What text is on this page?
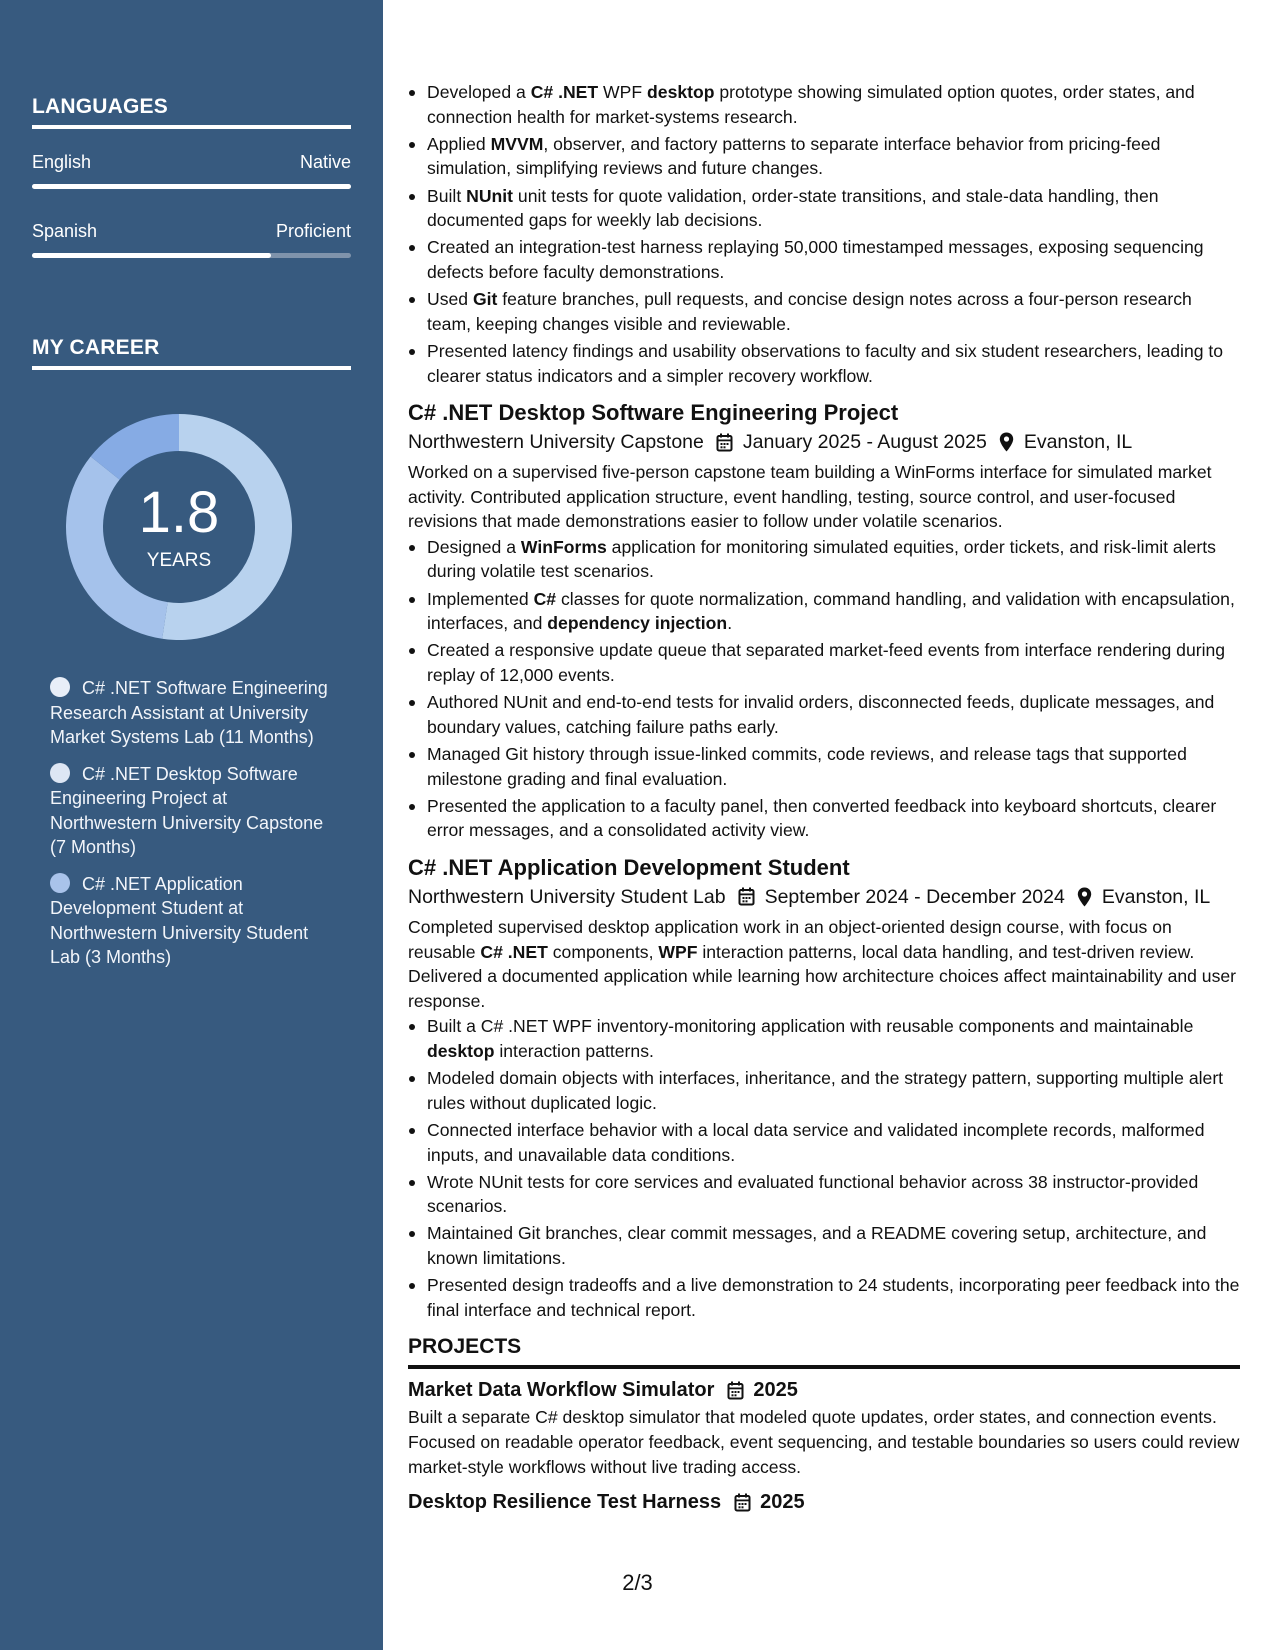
LANGUAGES
English	Native
Spanish	Proficient
MY CAREER
1.8
YEARS
C# .NET Software Engineering Research Assistant at University Market Systems Lab (11 Months)
C# .NET Desktop Software Engineering Project at Northwestern University Capstone (7 Months)
C# .NET Application Development Student at Northwestern University Student Lab (3 Months)
Developed a C# .NET WPF desktop prototype showing simulated option quotes, order states, and connection health for market-systems research.
Applied MVVM, observer, and factory patterns to separate interface behavior from pricing-feed simulation, simplifying reviews and future changes.
Built NUnit unit tests for quote validation, order-state transitions, and stale-data handling, then documented gaps for weekly lab decisions.
Created an integration-test harness replaying 50,000 timestamped messages, exposing sequencing defects before faculty demonstrations.
Used Git feature branches, pull requests, and concise design notes across a four-person research team, keeping changes visible and reviewable.
Presented latency findings and usability observations to faculty and six student researchers, leading to clearer status indicators and a simpler recovery workflow.
C# .NET Desktop Software Engineering Project
Northwestern University Capstone January 2025 - August 2025 Evanston, IL

Worked on a supervised five-person capstone team building a WinForms interface for simulated market activity. Contributed application structure, event handling, testing, source control, and user-focused revisions that made demonstrations easier to follow under volatile scenarios.

Designed a WinForms application for monitoring simulated equities, order tickets, and risk-limit alerts during volatile test scenarios.
Implemented C# classes for quote normalization, command handling, and validation with encapsulation, interfaces, and dependency injection.
Created a responsive update queue that separated market-feed events from interface rendering during replay of 12,000 events.
Authored NUnit and end-to-end tests for invalid orders, disconnected feeds, duplicate messages, and boundary values, catching failure paths early.
Managed Git history through issue-linked commits, code reviews, and release tags that supported milestone grading and final evaluation.
Presented the application to a faculty panel, then converted feedback into keyboard shortcuts, clearer error messages, and a consolidated activity view.
C# .NET Application Development Student
Northwestern University Student Lab September 2024 - December 2024 Evanston, IL

Completed supervised desktop application work in an object-oriented design course, with focus on reusable C# .NET components, WPF interaction patterns, local data handling, and test-driven review. Delivered a documented application while learning how architecture choices affect maintainability and user response.

Built a C# .NET WPF inventory-monitoring application with reusable components and maintainable desktop interaction patterns.
Modeled domain objects with interfaces, inheritance, and the strategy pattern, supporting multiple alert rules without duplicated logic.
Connected interface behavior with a local data service and validated incomplete records, malformed inputs, and unavailable data conditions.
Wrote NUnit tests for core services and evaluated functional behavior across 38 instructor-provided scenarios.
Maintained Git branches, clear commit messages, and a README covering setup, architecture, and known limitations.
Presented design tradeoffs and a live demonstration to 24 students, incorporating peer feedback into the final interface and technical report.
PROJECTS
Market Data Workflow Simulator 2025

Built a separate C# desktop simulator that modeled quote updates, order states, and connection events. Focused on readable operator feedback, event sequencing, and testable boundaries so users could review market-style workflows without live trading access.

Desktop Resilience Test Harness 2025
2/3
